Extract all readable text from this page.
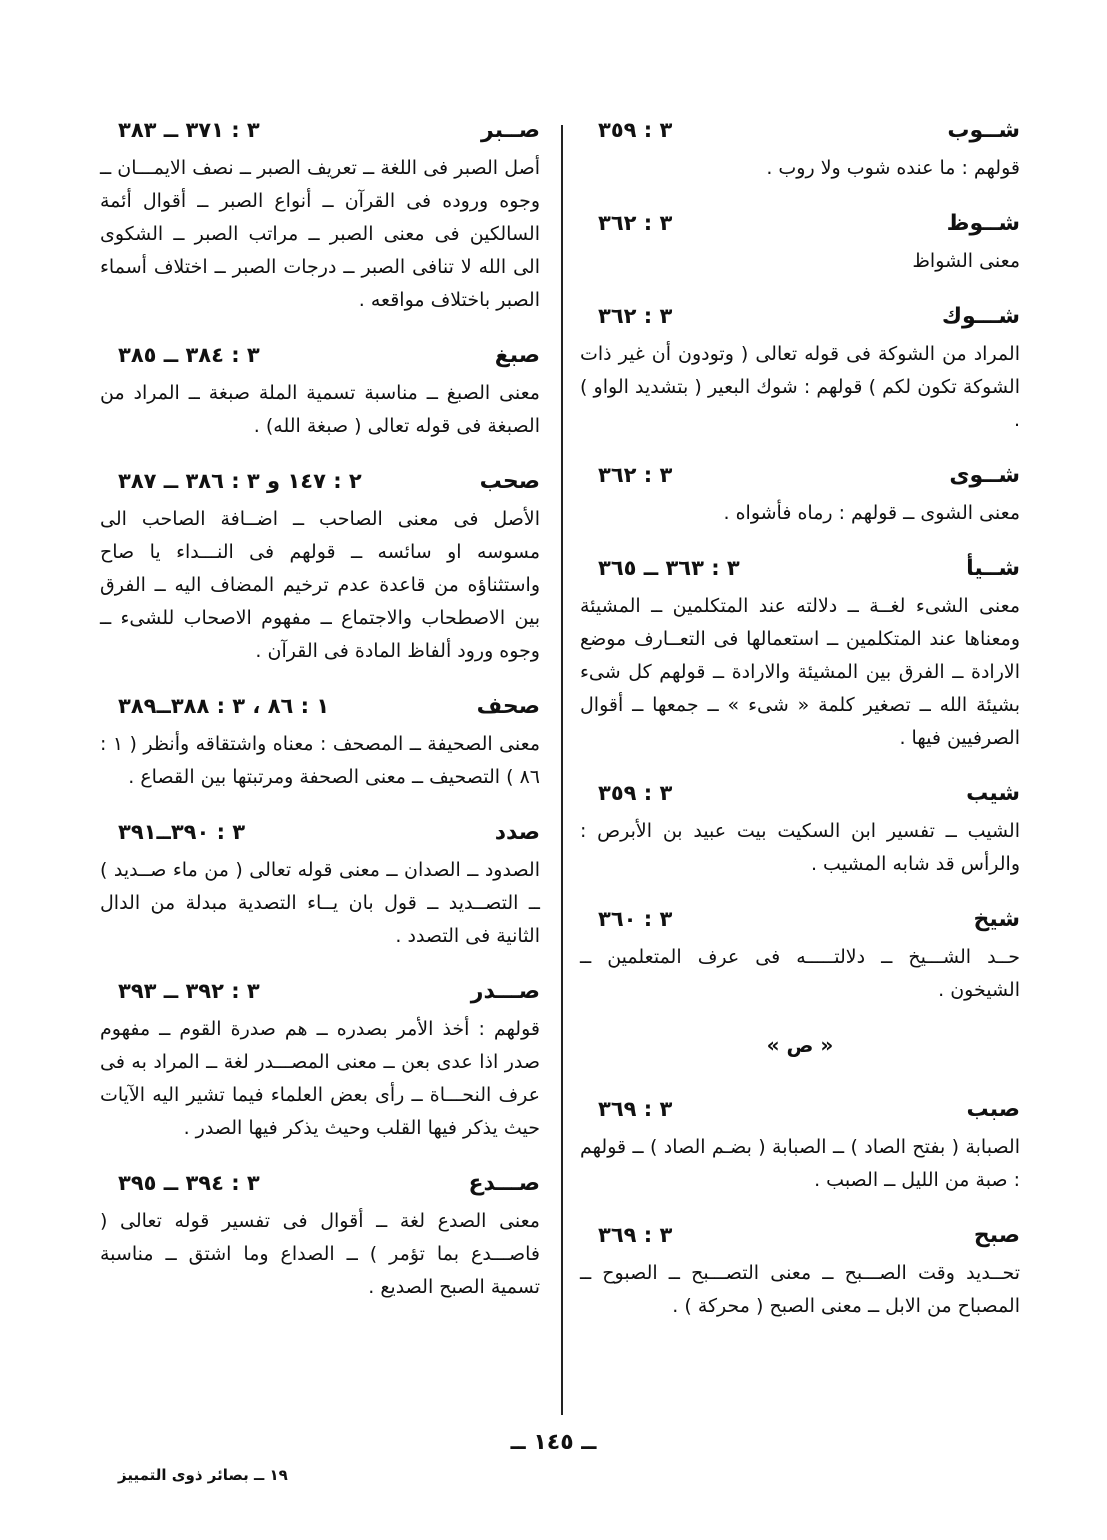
شــوب
٣ : ٣٥٩
قولهم : ما عنده شوب ولا روب .
شــوظ
٣ : ٣٦٢
معنى الشواظ
شـــوك
٣ : ٣٦٢
المراد من الشوكة فى قوله تعالى ( وتودون أن غير ذات الشوكة تكون لكم ) قولهم : شوك البعير ( بتشديد الواو ) .
شــوى
٣ : ٣٦٢
معنى الشوى ــ قولهم : رماه فأشواه .
شــيأ
٣ : ٣٦٣ ــ ٣٦٥
معنى الشىء لغــة ــ دلالته عند المتكلمين ــ المشيئة ومعناها عند المتكلمين ــ استعمالها فى التعــارف موضع الارادة ــ الفرق بين المشيئة والارادة ــ قولهم كل شىء بشيئة الله ــ تصغير كلمة « شىء » ــ جمعها ــ أقوال الصرفيين فيها .
شيب
٣ : ٣٥٩
الشيب ــ تفسير ابن السكيت بيت عبيد بن الأبرص : والرأس قد شابه المشيب .
شيخ
٣ : ٣٦٠
حــد الشـــيخ ــ دلالتـــــه فى عرف المتعلمين ــ الشيخون .
« ص »
صبب
٣ : ٣٦٩
الصبابة ( بفتح الصاد ) ــ الصبابة ( بضـم الصاد ) ــ قولهم : صبة من الليل ــ الصبب .
صبح
٣ : ٣٦٩
تحــديد وقت الصـــبح ــ معنى التصـــبح ــ الصبوح ــ المصباح من الابل ــ معنى الصبح ( محركة ) .
صــبر
٣ : ٣٧١ ــ ٣٨٣
أصل الصبر فى اللغة ــ تعريف الصبر ــ نصف الايمـــان ــ وجوه وروده فى القرآن ــ أنواع الصبر ــ أقوال أئمة السالكين فى معنى الصبر ــ مراتب الصبر ــ الشكوى الى الله لا تنافى الصبر ــ درجات الصبر ــ اختلاف أسماء الصبر باختلاف مواقعه .
صبغ
٣ : ٣٨٤ ــ ٣٨٥
معنى الصبغ ــ مناسبة تسمية الملة صبغة ــ المراد من الصبغة فى قوله تعالى ( صبغة الله) .
صحب
٢ : ١٤٧ و ٣ : ٣٨٦ ــ ٣٨٧
الأصل فى معنى الصاحب ــ اضــافة الصاحب الى مسوسه او سائسه ــ قولهم فى النـــداء يا صاح واستثناؤه من قاعدة عدم ترخيم المضاف اليه ــ الفرق بين الاصطحاب والاجتماع ــ مفهوم الاصحاب للشىء ــ وجوه ورود ألفاظ المادة فى القرآن .
صحف
١ : ٨٦ ، ٣ : ٣٨٨ــ٣٨٩
معنى الصحيفة ــ المصحف : معناه واشتقاقه وأنظر ( ١ : ٨٦ ) التصحيف ــ معنى الصحفة ومرتبتها بين القصاع .
صدد
٣ : ٣٩٠ــ٣٩١
الصدود ــ الصدان ــ معنى قوله تعالى ( من ماء صــديد ) ــ التصــديد ــ قول بان يــاء التصدية مبدلة من الدال الثانية فى التصدد .
صـــدر
٣ : ٣٩٢ ــ ٣٩٣
قولهم : أخذ الأمر بصدره ــ هم صدرة القوم ــ مفهوم صدر اذا عدى بعن ــ معنى المصـــدر لغة ــ المراد به فى عرف النحـــاة ــ رأى بعض العلماء فيما تشير اليه الآيات حيث يذكر فيها القلب وحيث يذكر فيها الصدر .
صـــدع
٣ : ٣٩٤ ــ ٣٩٥
معنى الصدع لغة ــ أقوال فى تفسير قوله تعالى ( فاصـــدع بما تؤمر ) ــ الصداع وما اشتق ــ مناسبة تسمية الصبح الصديع .
ــ ١٤٥ ــ
١٩ ــ بصائر ذوى التمييز
